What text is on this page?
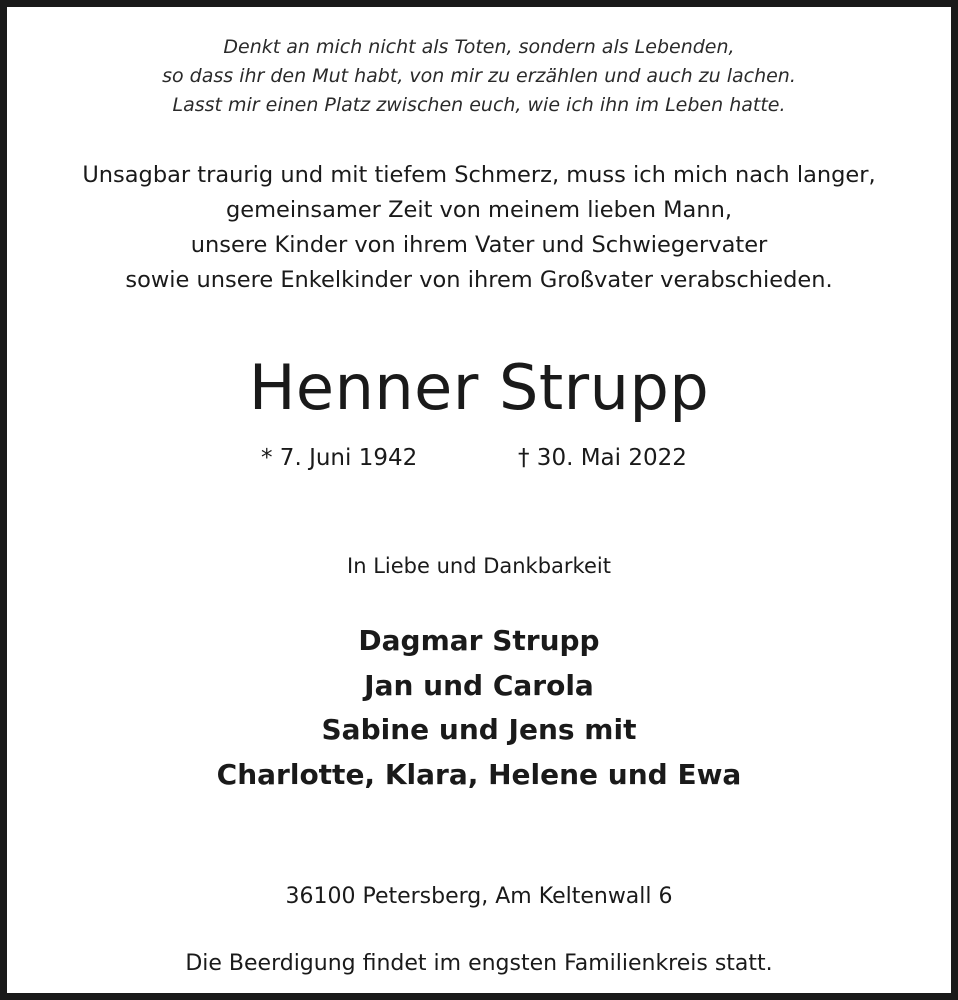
Denkt an mich nicht als Toten, sondern als Lebenden,
so dass ihr den Mut habt, von mir zu erzählen und auch zu lachen.
Lasst mir einen Platz zwischen euch, wie ich ihn im Leben hatte.
Unsagbar traurig und mit tiefem Schmerz, muss ich mich nach langer,
gemeinsamer Zeit von meinem lieben Mann,
unsere Kinder von ihrem Vater und Schwiegervater
sowie unsere Enkelkinder von ihrem Großvater verabschieden.
Henner Strupp
* 7. Juni 1942	† 30. Mai 2022
In Liebe und Dankbarkeit
Dagmar Strupp
Jan und Carola
Sabine und Jens mit
Charlotte, Klara, Helene und Ewa
36100 Petersberg, Am Keltenwall 6
Die Beerdigung findet im engsten Familienkreis statt.
